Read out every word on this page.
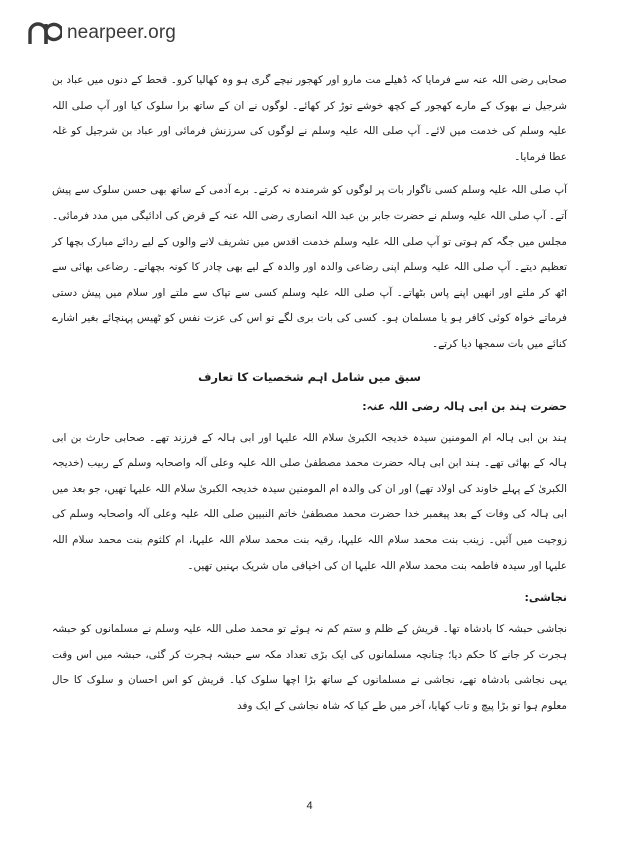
nearpeer.org

صحابی رضی اللہ عنہ سے فرمایا کہ ڈھیلے مت مارو اور کھجور نیچے گری ہو وہ کھالیا کرو۔ قحط کے دنوں میں عباد بن شرجیل نے بھوک کے مارے کھجور کے کچھ خوشے توڑ کر کھائے۔ لوگوں نے ان کے ساتھ برا سلوک کیا اور آپ صلی اللہ علیہ وسلم کی خدمت میں لائے۔ آپ صلی اللہ علیہ وسلم نے لوگوں کی سرزنش فرمائی اور عباد بن شرجیل کو غلہ عطا فرمایا۔

آپ صلی اللہ علیہ وسلم کسی ناگوار بات پر لوگوں کو شرمندہ نہ کرتے۔ برے آدمی کے ساتھ بھی حسن سلوک سے پیش آتے۔ آپ صلی اللہ علیہ وسلم نے حضرت جابر بن عبد اللہ انصاری رضی اللہ عنہ کے قرض کی ادائیگی میں مدد فرمائی۔ مجلس میں جگہ کم ہوتی تو آپ صلی اللہ علیہ وسلم خدمت اقدس میں تشریف لانے والوں کے لیے ردائے مبارک بچھا کر تعظیم دیتے۔ آپ صلی اللہ علیہ وسلم اپنی رضاعی والدہ اور والدہ کے لیے بھی چادر کا کونہ بچھاتے۔ رضاعی بھائی سے اٹھ کر ملتے اور انھیں اپنے پاس بٹھاتے۔ آپ صلی اللہ علیہ وسلم کسی سے تپاک سے ملتے اور سلام میں پیش دستی فرماتے خواہ کوئی کافر ہو یا مسلمان ہو۔ کسی کی بات بری لگے تو اس کی عزت نفس کو ٹھیس پہنچائے بغیر اشارے کنائے میں بات سمجھا دیا کرتے۔

سبق میں شامل اہم شخصیات کا تعارف
حضرت ہند بن ابی ہالہ رضی اللہ عنہ:

ہند بن ابی ہالہ ام المومنین سیدہ خدیجہ الکبریٰ سلام اللہ علیہا اور ابی ہالہ کے فرزند تھے۔ صحابی حارث بن ابی ہالہ کے بھائی تھے۔ ہند ابن ابی ہالہ حضرت محمد مصطفیٰ صلی اللہ علیہ وعلی آلہ واصحابہ وسلم کے ربیب (خدیجہ الکبریٰ کے پہلے خاوند کی اولاد تھے) اور ان کی والدہ ام المومنین سیدہ خدیجہ الکبریٰ سلام اللہ علیہا تھیں، جو بعد میں ابی ہالہ کی وفات کے بعد پیغمبر خدا حضرت محمد مصطفیٰ خاتم النبیین صلی اللہ علیہ وعلی آلہ واصحابہ وسلم کی زوجیت میں آئیں۔ زینب بنت محمد سلام اللہ علیہا، رقیہ بنت محمد سلام اللہ علیہا، ام کلثوم بنت محمد سلام اللہ علیہا اور سیدہ فاطمہ بنت محمد سلام اللہ علیہا ان کی اخیافی ماں شریک بہنیں تھیں۔

نجاشی:

نجاشی حبشہ کا بادشاہ تھا۔ قریش کے ظلم و ستم کم نہ ہوئے تو محمد صلی اللہ علیہ وسلم نے مسلمانوں کو حبشہ ہجرت کر جانے کا حکم دیا؛ چنانچہ مسلمانوں کی ایک بڑی تعداد مکہ سے حبشہ ہجرت کر گئی، حبشہ میں اس وقت یہی نجاشی بادشاہ تھے، نجاشی نے مسلمانوں کے ساتھ بڑا اچھا سلوک کیا۔ قریش کو اس احسان و سلوک کا حال معلوم ہوا تو بڑا پیچ و تاب کھایا، آخر میں طے کیا کہ شاہ نجاشی کے ایک وفد

4
